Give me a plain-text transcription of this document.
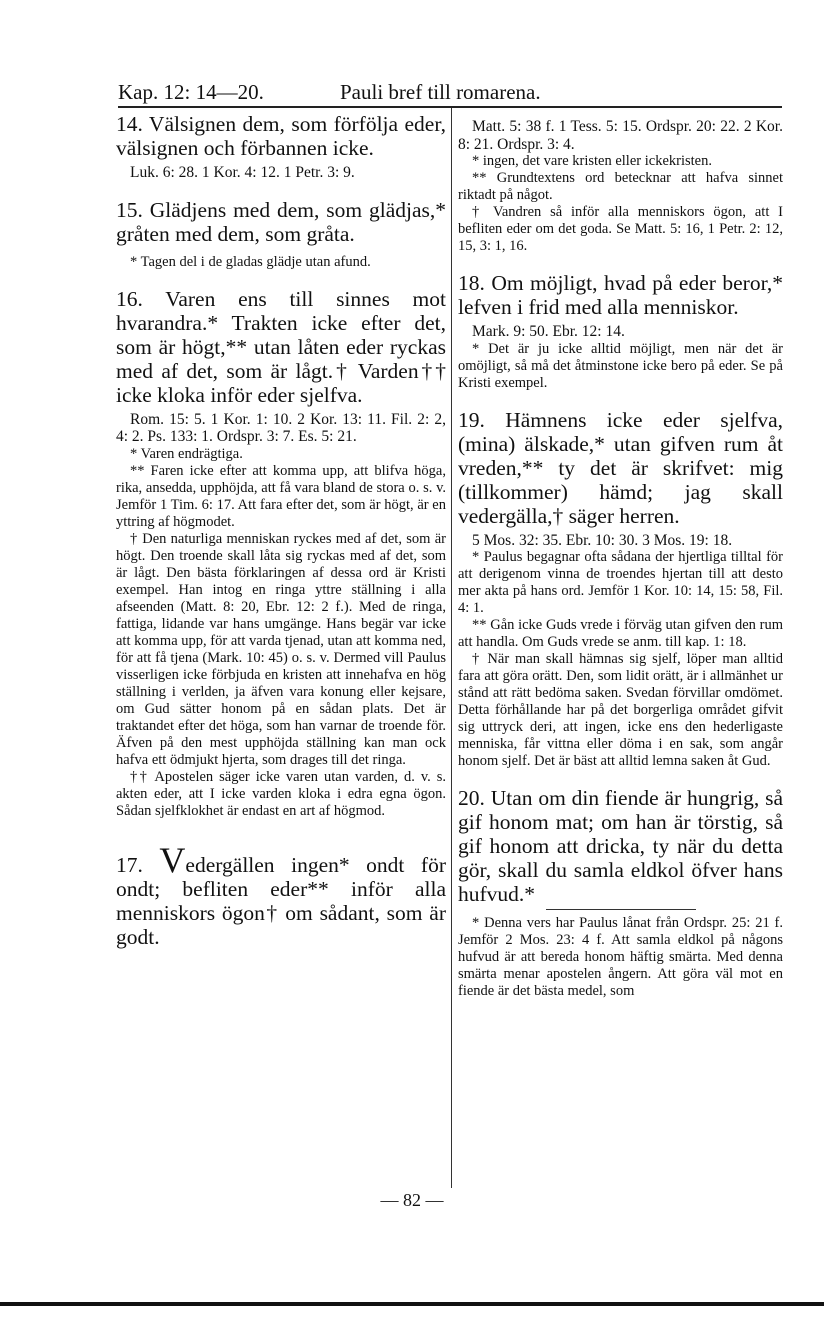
Kap. 12: 14—20.	Pauli bref till romarena.

14. Välsignen dem, som förfölja eder, välsignen och förbannen icke.

Luk. 6: 28. 1 Kor. 4: 12. 1 Petr. 3: 9.

15. Glädjens med dem, som glädjas,* gråten med dem, som gråta.

* Tagen del i de gladas glädje utan afund.

16. Varen ens till sinnes mot hvarandra.* Trakten icke efter det, som är högt,** utan låten eder ryckas med af det, som är lågt.† Varden†† icke kloka inför eder sjelfva.

Rom. 15: 5. 1 Kor. 1: 10. 2 Kor. 13: 11. Fil. 2: 2, 4: 2. Ps. 133: 1. Ordspr. 3: 7. Es. 5: 21.

* Varen endrägtiga.

** Faren icke efter att komma upp, att blifva höga, rika, ansedda, upphöjda, att få vara bland de stora o. s. v. Jemför 1 Tim. 6: 17. Att fara efter det, som är högt, är en yttring af högmodet.

† Den naturliga menniskan ryckes med af det, som är högt. Den troende skall låta sig ryckas med af det, som är lågt. Den bästa förklaringen af dessa ord är Kristi exempel. Han intog en ringa yttre ställning i alla afseenden (Matt. 8: 20, Ebr. 12: 2 f.). Med de ringa, fattiga, lidande var hans umgänge. Hans begär var icke att komma upp, för att varda tjenad, utan att komma ned, för att få tjena (Mark. 10: 45) o. s. v. Dermed vill Paulus visserligen icke förbjuda en kristen att innehafva en hög ställning i verlden, ja äfven vara konung eller kejsare, om Gud sätter honom på en sådan plats. Det är traktandet efter det höga, som han varnar de troende för. Äfven på den mest upphöjda ställning kan man ock hafva ett ödmjukt hjerta, som drages till det ringa.

†† Apostelen säger icke varen utan varden, d. v. s. akten eder, att I icke varden kloka i edra egna ögon. Sådan sjelfklokhet är endast en art af högmod.

17. Vedergällen ingen* ondt för ondt; befliten eder** inför alla menniskors ögon† om sådant, som är godt.

Matt. 5: 38 f. 1 Tess. 5: 15. Ordspr. 20: 22. 2 Kor. 8: 21. Ordspr. 3: 4.

* ingen, det vare kristen eller ickekristen.

** Grundtextens ord betecknar att hafva sinnet riktadt på något.

† Vandren så inför alla menniskors ögon, att I befliten eder om det goda. Se Matt. 5: 16, 1 Petr. 2: 12, 15, 3: 1, 16.

18. Om möjligt, hvad på eder beror,* lefven i frid med alla menniskor.

Mark. 9: 50. Ebr. 12: 14.

* Det är ju icke alltid möjligt, men när det är omöjligt, så må det åtminstone icke bero på eder. Se på Kristi exempel.

19. Hämnens icke eder sjelfva, (mina) älskade,* utan gifven rum åt vreden,** ty det är skrifvet: mig (tillkommer) hämd; jag skall vedergälla,† säger herren.

5 Mos. 32: 35. Ebr. 10: 30. 3 Mos. 19: 18.

* Paulus begagnar ofta sådana der hjertliga tilltal för att derigenom vinna de troendes hjertan till att desto mer akta på hans ord. Jemför 1 Kor. 10: 14, 15: 58, Fil. 4: 1.

** Gån icke Guds vrede i förväg utan gifven den rum att handla. Om Guds vrede se anm. till kap. 1: 18.

† När man skall hämnas sig sjelf, löper man alltid fara att göra orätt. Den, som lidit orätt, är i allmänhet ur stånd att rätt bedöma saken. Svedan förvillar omdömet. Detta förhållande har på det borgerliga området gifvit sig uttryck deri, att ingen, icke ens den hederligaste menniska, får vittna eller döma i en sak, som angår honom sjelf. Det är bäst att alltid lemna saken åt Gud.

20. Utan om din fiende är hungrig, så gif honom mat; om han är törstig, så gif honom att dricka, ty när du detta gör, skall du samla eldkol öfver hans hufvud.*

* Denna vers har Paulus lånat från Ordspr. 25: 21 f. Jemför 2 Mos. 23: 4 f. Att samla eldkol på någons hufvud är att bereda honom häftig smärta. Med denna smärta menar apostelen ångern. Att göra väl mot en fiende är det bästa medel, som

— 82 —
